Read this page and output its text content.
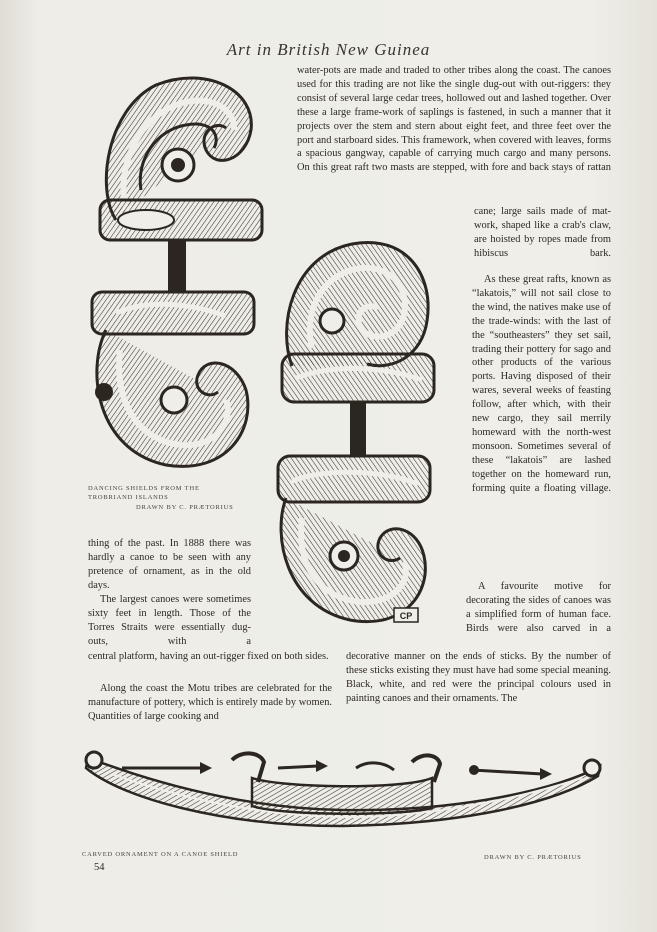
Art in British New Guinea

water-pots are made and traded to other tribes along the coast. The canoes used for this trading are not like the single dug-out with out-riggers: they consist of several large cedar trees, hollowed out and lashed together. Over these a large frame-work of saplings is fastened, in such a manner that it projects over the stem and stern about eight feet, and three feet over the port and starboard sides. This framework, when covered with leaves, forms a spacious gangway, capable of carrying much cargo and many persons. On this great raft two masts are stepped, with fore and back stays of rattan

cane; large sails made of mat-work, shaped like a crab's claw, are hoisted by ropes made from hibiscus bark.

As these great rafts, known as “lakatois,” will not sail close to the wind, the natives make use of the trade-winds: with the last of the “southeasters” they set sail, trading their pottery for sago and other products of the various ports. Having disposed of their wares, several weeks of feasting follow, after which, with their new cargo, they sail merrily homeward with the north-west monsoon. Sometimes several of these “lakatois” are lashed together on the homeward run, forming quite a floating village.

A favourite motive for decorating the sides of canoes was a simplified form of human face. Birds were also carved in a

decorative manner on the ends of sticks. By the number of these sticks existing they must have had some special meaning. Black, white, and red were the principal colours used in painting canoes and their ornaments. The

thing of the past. In 1888 there was hardly a canoe to be seen with any pretence of ornament, as in the old days.

The largest canoes were sometimes sixty feet in length. Those of the Torres Straits were essentially dug-outs, with a

central platform, having an out-rigger fixed on both sides.

Along the coast the Motu tribes are celebrated for the manufacture of pottery, which is entirely made by women. Quantities of large cooking and

DANCING SHIELDS FROM THE
TROBRIAND ISLANDS
DRAWN BY C. PRÆTORIUS
CARVED ORNAMENT ON A CANOE SHIELD	DRAWN BY C. PRÆTORIUS
54
CP
